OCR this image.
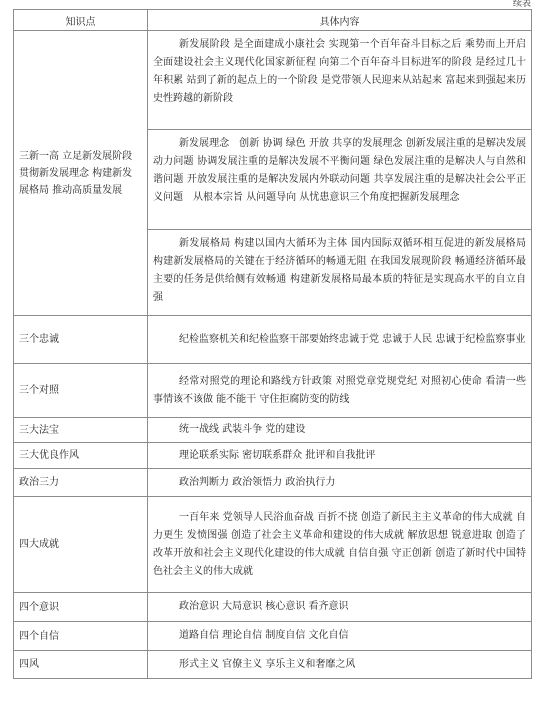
续表
知识点	具体内容
三新一高 立足新发展阶段 贯彻新发展理念 构建新发展格局 推动高质量发展	新发展阶段 是全面建成小康社会 实现第一个百年奋斗目标之后 乘势而上开启全面建设社会主义现代化国家新征程 向第二个百年奋斗目标进军的阶段 是经过几十年积累 站到了新的起点上的一个阶段 是党带领人民迎来从站起来 富起来到强起来历史性跨越的新阶段
新发展理念　创新 协调 绿色 开放 共享的发展理念 创新发展注重的是解决发展动力问题 协调发展注重的是解决发展不平衡问题 绿色发展注重的是解决人与自然和谐问题 开放发展注重的是解决发展内外联动问题 共享发展注重的是解决社会公平正义问题　从根本宗旨 从问题导向 从忧患意识三个角度把握新发展理念
新发展格局 构建以国内大循环为主体 国内国际双循环相互促进的新发展格局　构建新发展格局的关键在于经济循环的畅通无阻 在我国发展现阶段 畅通经济循环最主要的任务是供给侧有效畅通 构建新发展格局最本质的特征是实现高水平的自立自强

三个忠诚	纪检监察机关和纪检监察干部要始终忠诚于党 忠诚于人民 忠诚于纪检监察事业
三个对照	经常对照党的理论和路线方针政策 对照党章党规党纪 对照初心使命 看清一些事情该不该做 能不能干 守住拒腐防变的防线
三大法宝	统一战线 武装斗争 党的建设
三大优良作风	理论联系实际 密切联系群众 批评和自我批评
政治三力	政治判断力 政治领悟力 政治执行力
四大成就	一百年来 党领导人民浴血奋战 百折不挠 创造了新民主主义革命的伟大成就 自力更生 发愤图强 创造了社会主义革命和建设的伟大成就 解放思想 锐意进取 创造了改革开放和社会主义现代化建设的伟大成就 自信自强 守正创新 创造了新时代中国特色社会主义的伟大成就
四个意识	政治意识 大局意识 核心意识 看齐意识
四个自信	道路自信 理论自信 制度自信 文化自信
四风	形式主义 官僚主义 享乐主义和奢靡之风
